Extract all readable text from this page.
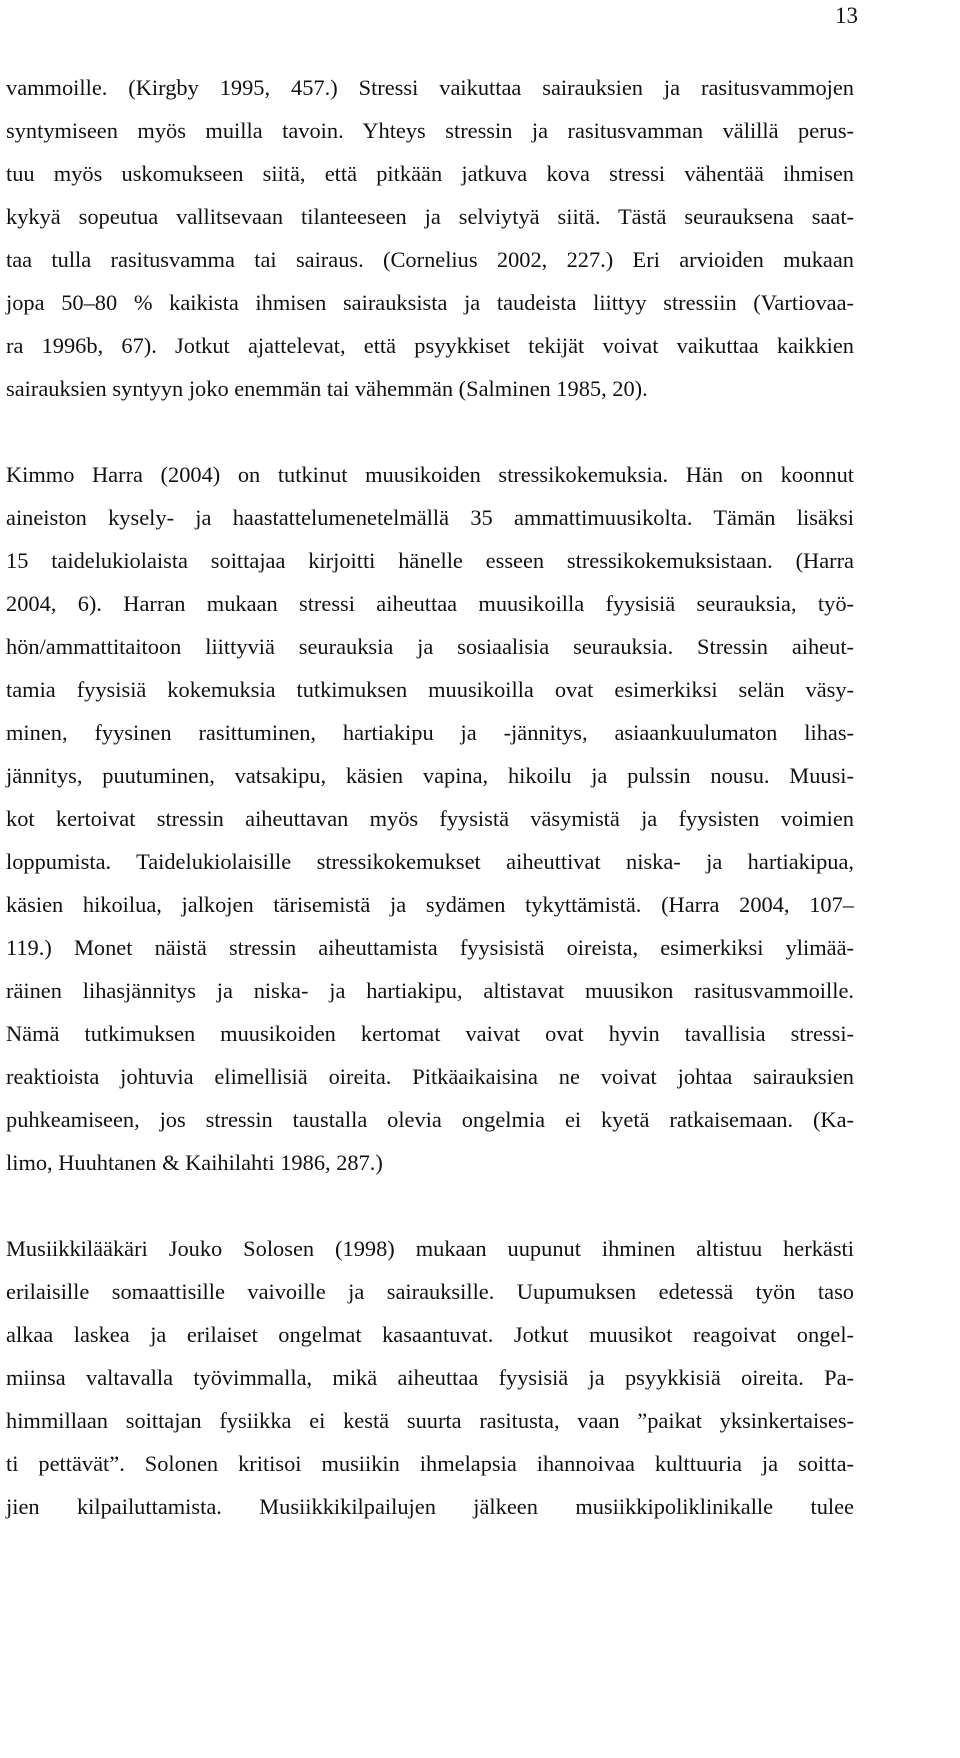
13
vammoille. (Kirgby 1995, 457.) Stressi vaikuttaa sairauksien ja rasitusvammojen
syntymiseen myös muilla tavoin. Yhteys stressin ja rasitusvamman välillä perus-
tuu myös uskomukseen siitä, että pitkään jatkuva kova stressi vähentää ihmisen
kykyä sopeutua vallitsevaan tilanteeseen ja selviytyä siitä. Tästä seurauksena saat-
taa tulla rasitusvamma tai sairaus. (Cornelius 2002, 227.) Eri arvioiden mukaan
jopa 50–80 % kaikista ihmisen sairauksista ja taudeista liittyy stressiin (Vartiovaa-
ra 1996b, 67). Jotkut ajattelevat, että psyykkiset tekijät voivat vaikuttaa kaikkien
sairauksien syntyyn joko enemmän tai vähemmän (Salminen 1985, 20).
Kimmo Harra (2004) on tutkinut muusikoiden stressikokemuksia. Hän on koonnut
aineiston kysely- ja haastattelumenetelmällä 35 ammattimuusikolta. Tämän lisäksi
15 taidelukiolaista soittajaa kirjoitti hänelle esseen stressikokemuksistaan. (Harra
2004, 6). Harran mukaan stressi aiheuttaa muusikoilla fyysisiä seurauksia, työ-
hön/ammattitaitoon liittyviä seurauksia ja sosiaalisia seurauksia. Stressin aiheut-
tamia fyysisiä kokemuksia tutkimuksen muusikoilla ovat esimerkiksi selän väsy-
minen, fyysinen rasittuminen, hartiakipu ja -jännitys, asiaankuulumaton lihas-
jännitys, puutuminen, vatsakipu, käsien vapina, hikoilu ja pulssin nousu. Muusi-
kot kertoivat stressin aiheuttavan myös fyysistä väsymistä ja fyysisten voimien
loppumista. Taidelukiolaisille stressikokemukset aiheuttivat niska- ja hartiakipua,
käsien hikoilua, jalkojen tärisemistä ja sydämen tykyttämistä. (Harra 2004, 107–
119.) Monet näistä stressin aiheuttamista fyysisistä oireista, esimerkiksi ylimää-
räinen lihasjännitys ja niska- ja hartiakipu, altistavat muusikon rasitusvammoille.
Nämä tutkimuksen muusikoiden kertomat vaivat ovat hyvin tavallisia stressi-
reaktioista johtuvia elimellisiä oireita. Pitkäaikaisina ne voivat johtaa sairauksien
puhkeamiseen, jos stressin taustalla olevia ongelmia ei kyetä ratkaisemaan. (Ka-
limo, Huuhtanen & Kaihilahti 1986, 287.)
Musiikkilääkäri Jouko Solosen (1998) mukaan uupunut ihminen altistuu herkästi
erilaisille somaattisille vaivoille ja sairauksille. Uupumuksen edetessä työn taso
alkaa laskea ja erilaiset ongelmat kasaantuvat. Jotkut muusikot reagoivat ongel-
miinsa valtavalla työvimmalla, mikä aiheuttaa fyysisiä ja psyykkisiä oireita. Pa-
himmillaan soittajan fysiikka ei kestä suurta rasitusta, vaan ”paikat yksinkertaises-
ti pettävät”. Solonen kritisoi musiikin ihmelapsia ihannoivaa kulttuuria ja soitta-
jien kilpailuttamista. Musiikkikilpailujen jälkeen musiikkipoliklinikalle tulee
